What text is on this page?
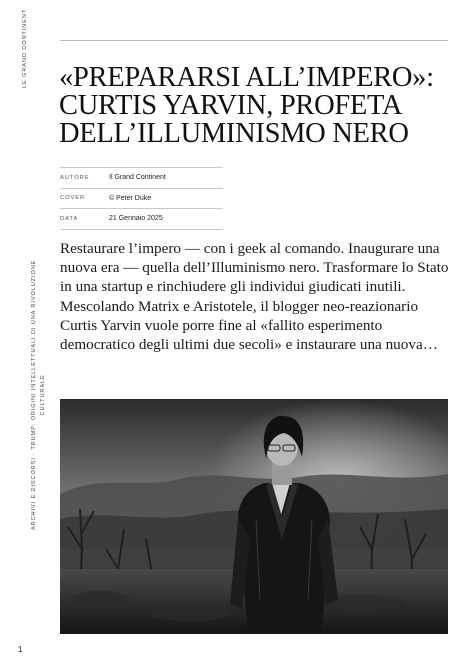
LE GRAND CONTINENT
ARCHIVI E DISCORSI - TRUMP: ORIGINI INTELLETTUALI DI UNA RIVOLUZIONE CULTURALE
1
«PREPARARSI ALL’IMPERO»: CURTIS YARVIN, PROFETA DELL’ILLUMINISMO NERO
AUTORE	Il Grand Continent
COVER	© Peter Duke
DATA	21 Gennaio 2025

Restaurare l’impero — con i geek al comando. Inaugurare una nuova era — quella dell’Illuminismo nero. Trasformare lo Stato in una startup e rinchiudere gli individui giudicati inutili. Mescolando Matrix e Aristotele, il blogger neo-reazionario Curtis Yarvin vuole porre fine al «fallito esperimento democratico degli ultimi due secoli» e instaurare una nuova…
